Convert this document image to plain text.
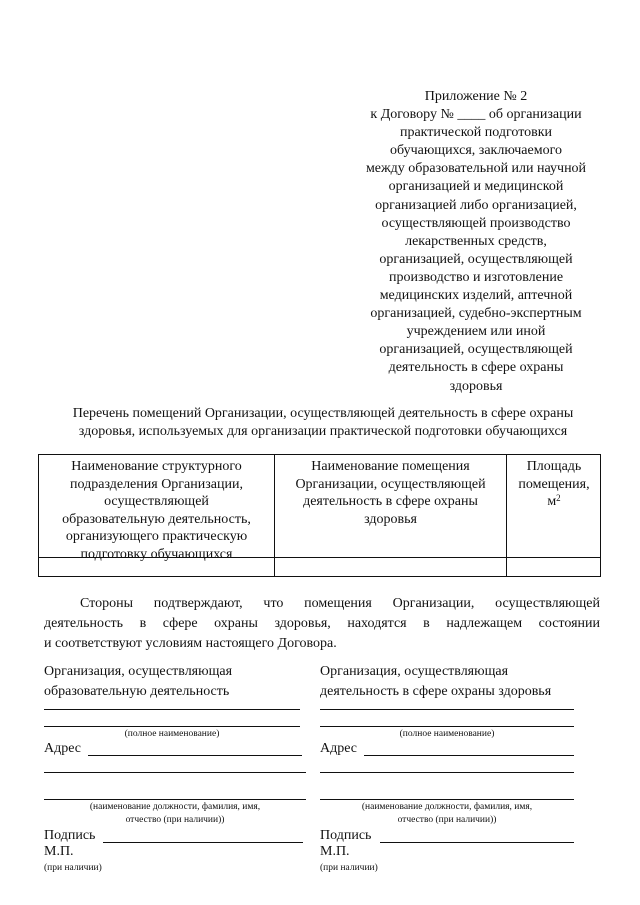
Приложение № 2
к Договору № ____ об организации
практической подготовки
обучающихся, заключаемого
между образовательной или научной
организацией и медицинской
организацией либо организацией,
осуществляющей производство
лекарственных средств,
организацией, осуществляющей
производство и изготовление
медицинских изделий, аптечной
организацией, судебно-экспертным
учреждением или иной
организацией, осуществляющей
деятельность в сфере охраны
здоровья
Перечень помещений Организации, осуществляющей деятельность в сфере охраны
здоровья, используемых для организации практической подготовки обучающихся
Наименование структурного
подразделения Организации,
осуществляющей
образовательную деятельность,
организующего практическую
подготовку обучающихся
Наименование помещения
Организации, осуществляющей
деятельность в сфере охраны
здоровья
Площадь
помещения,
$м^2$
Стороны подтверждают, что помещения Организации, осуществляющей
деятельность в сфере охраны здоровья, находятся в надлежащем состоянии
и соответствуют условиям настоящего Договора.
Организация, осуществляющая
образовательную деятельность
(полное наименование)
Адрес
(наименование должности, фамилия, имя,
отчество (при наличии))
Подпись
М.П.
(при наличии)
Организация, осуществляющая
деятельность в сфере охраны здоровья
(полное наименование)
Адрес
(наименование должности, фамилия, имя,
отчество (при наличии))
Подпись
М.П.
(при наличии)
